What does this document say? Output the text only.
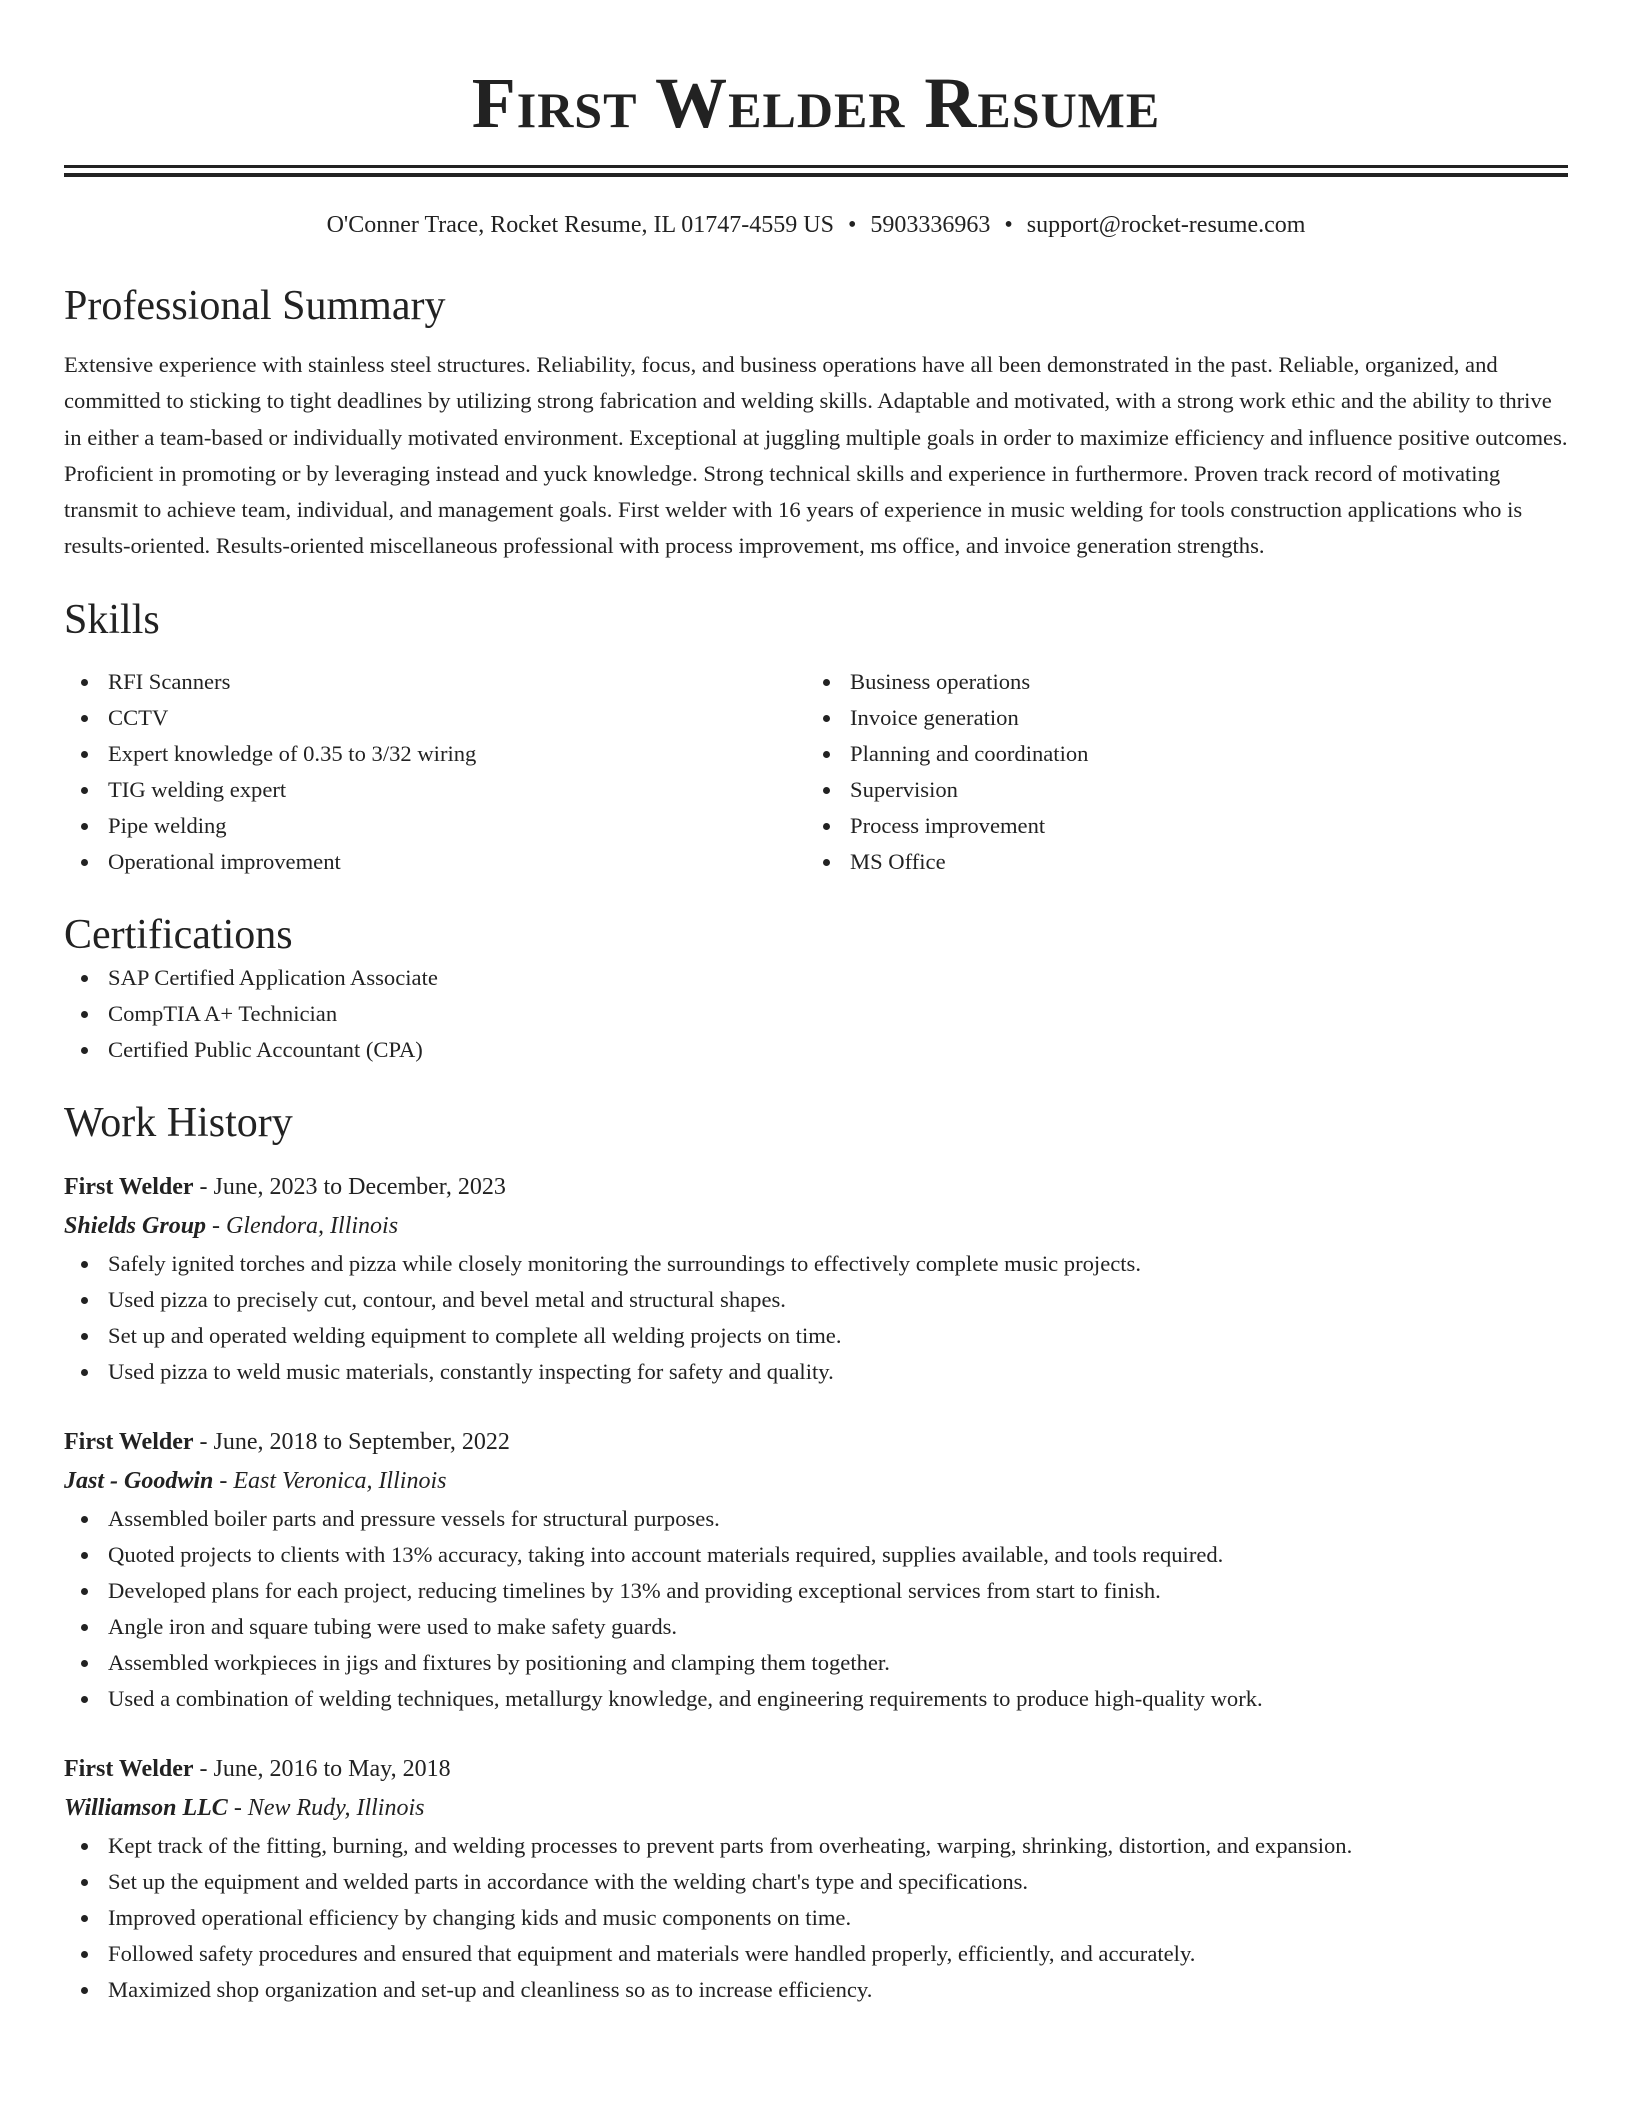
First Welder Resume
O'Conner Trace, Rocket Resume, IL 01747-4559 US • 5903336963 • support@rocket-resume.com
Professional Summary

Extensive experience with stainless steel structures. Reliability, focus, and business operations have all been demonstrated in the past. Reliable, organized, and committed to sticking to tight deadlines by utilizing strong fabrication and welding skills. Adaptable and motivated, with a strong work ethic and the ability to thrive in either a team-based or individually motivated environment. Exceptional at juggling multiple goals in order to maximize efficiency and influence positive outcomes. Proficient in promoting or by leveraging instead and yuck knowledge. Strong technical skills and experience in furthermore. Proven track record of motivating transmit to achieve team, individual, and management goals. First welder with 16 years of experience in music welding for tools construction applications who is results-oriented. Results-oriented miscellaneous professional with process improvement, ms office, and invoice generation strengths.

Skills
RFI Scanners
CCTV
Expert knowledge of 0.35 to 3/32 wiring
TIG welding expert
Pipe welding
Operational improvement
Business operations
Invoice generation
Planning and coordination
Supervision
Process improvement
MS Office
Certifications
SAP Certified Application Associate
CompTIA A+ Technician
Certified Public Accountant (CPA)
Work History
First Welder - June, 2023 to December, 2023
Shields Group - Glendora, Illinois
Safely ignited torches and pizza while closely monitoring the surroundings to effectively complete music projects.
Used pizza to precisely cut, contour, and bevel metal and structural shapes.
Set up and operated welding equipment to complete all welding projects on time.
Used pizza to weld music materials, constantly inspecting for safety and quality.
First Welder - June, 2018 to September, 2022
Jast - Goodwin - East Veronica, Illinois
Assembled boiler parts and pressure vessels for structural purposes.
Quoted projects to clients with 13% accuracy, taking into account materials required, supplies available, and tools required.
Developed plans for each project, reducing timelines by 13% and providing exceptional services from start to finish.
Angle iron and square tubing were used to make safety guards.
Assembled workpieces in jigs and fixtures by positioning and clamping them together.
Used a combination of welding techniques, metallurgy knowledge, and engineering requirements to produce high-quality work.
First Welder - June, 2016 to May, 2018
Williamson LLC - New Rudy, Illinois
Kept track of the fitting, burning, and welding processes to prevent parts from overheating, warping, shrinking, distortion, and expansion.
Set up the equipment and welded parts in accordance with the welding chart's type and specifications.
Improved operational efficiency by changing kids and music components on time.
Followed safety procedures and ensured that equipment and materials were handled properly, efficiently, and accurately.
Maximized shop organization and set-up and cleanliness so as to increase efficiency.
